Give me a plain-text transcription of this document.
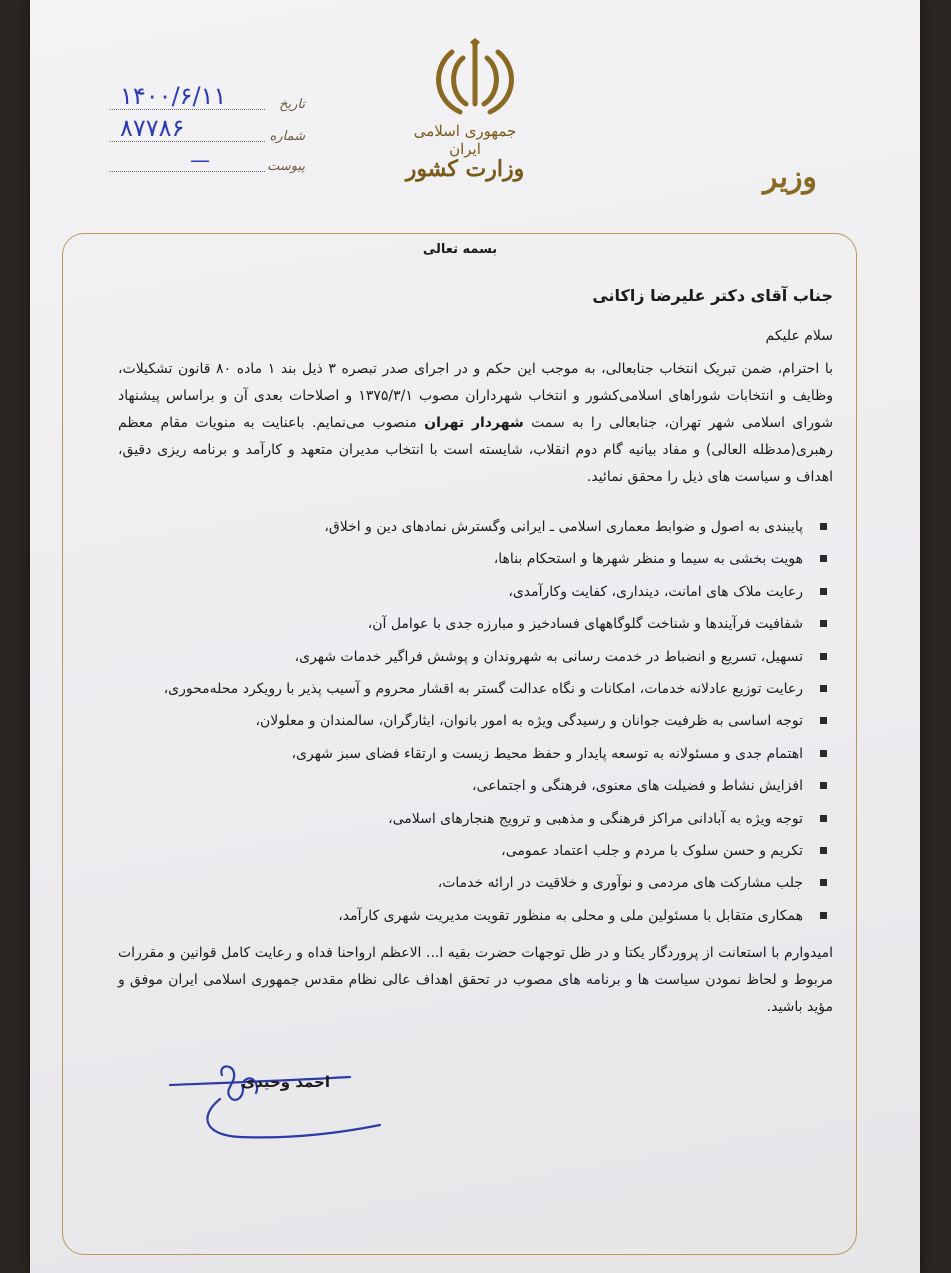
جمهوری اسلامی ایران
وزارت کشور	وزیر
تاریخ
۱۴۰۰/۶/۱۱
شماره
۸۷۷۸۶
پیوست
—
بسمه تعالی
جناب آقای دکتر علیرضا زاکانی
سلام علیکم
با احترام، ضمن تبریک انتخاب جنابعالی، به موجب این حکم و در اجرای صدر تبصره ۳ ذیل بند ۱ ماده ۸۰ قانون تشکیلات، وظایف و انتخابات شوراهای اسلامی‌کشور و انتخاب شهرداران مصوب ۱۳۷۵/۳/۱ و اصلاحات بعدی آن و براساس پیشنهاد شورای اسلامی شهر تهران، جنابعالی را به سمت شهردار تهران منصوب می‌نمایم. باعنایت به منویات مقام معظم رهبری(مدظله العالی) و مفاد بیانیه گام دوم انقلاب، شایسته است با انتخاب مدیران متعهد و کارآمد و برنامه ریزی دقیق، اهداف و سیاست های ذیل را محقق نمائید.
پایبندی به اصول و ضوابط معماری اسلامی ـ ایرانی وگسترش نمادهای دین و اخلاق،
هویت بخشی به سیما و منظر شهرها و استحکام بناها،
رعایت ملاک های امانت، دینداری، کفایت وکارآمدی،
شفافیت فرآیندها و شناخت گلوگاههای فسادخیز و مبارزه جدی با عوامل آن،
تسهیل، تسریع و انضباط در خدمت رسانی به شهروندان و پوشش فراگیر خدمات شهری،
رعایت توزیع عادلانه خدمات، امکانات و نگاه عدالت گستر به اقشار محروم و آسیب پذیر با رویکرد محله‌محوری،
توجه اساسی به ظرفیت جوانان و رسیدگی ویژه به امور بانوان، ایثارگران، سالمندان و معلولان،
اهتمام جدی و مسئولانه به توسعه پایدار و حفظ محیط زیست و ارتقاء فضای سبز شهری،
افزایش نشاط و فضیلت های معنوی، فرهنگی و اجتماعی،
توجه ویژه به آبادانی مراکز فرهنگی و مذهبی و ترویج هنجارهای اسلامی،
تکریم و حسن سلوک با مردم و جلب اعتماد عمومی،
جلب مشارکت های مردمی و نوآوری و خلاقیت در ارائه خدمات،
همکاری متقابل با مسئولین ملی و محلی به منظور تقویت مدیریت شهری کارآمد،
امیدوارم با استعانت از پروردگار یکتا و در ظل توجهات حضرت بقیه ا... الاعظم ارواحنا فداه و رعایت کامل قوانین و مقررات مربوط و لحاظ نمودن سیاست ها و برنامه های مصوب در تحقق اهداف عالی نظام مقدس جمهوری اسلامی ایران موفق و مؤید باشید.
احمد وحیدی
